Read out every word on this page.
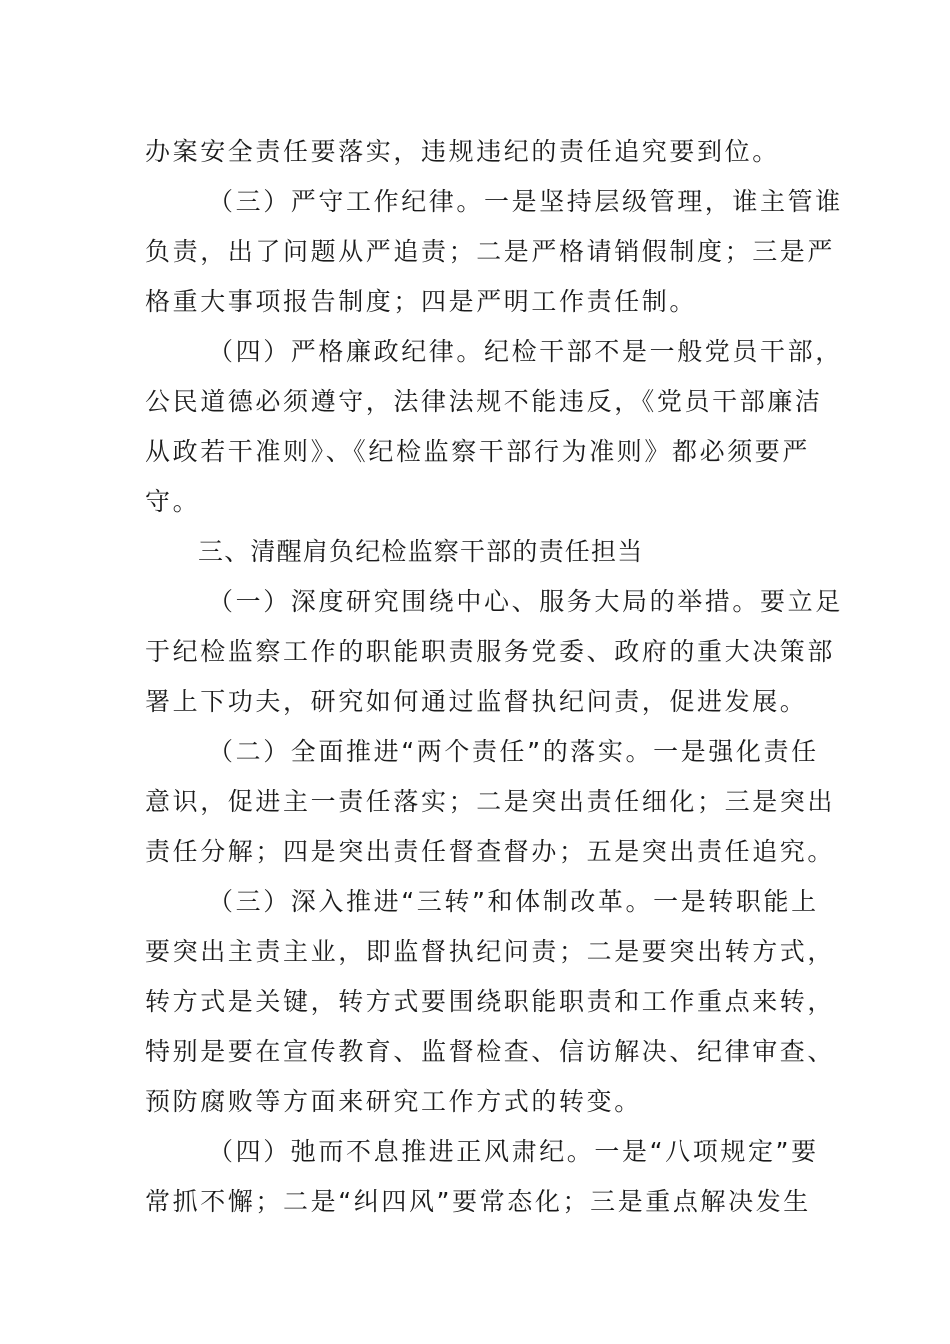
办案安全责任要落实，违规违纪的责任追究要到位。
（三）严守工作纪律。一是坚持层级管理，谁主管谁
负责，出了问题从严追责；二是严格请销假制度；三是严
格重大事项报告制度；四是严明工作责任制。
（四）严格廉政纪律。纪检干部不是一般党员干部，
公民道德必须遵守，法律法规不能违反，《党员干部廉洁
从政若干准则》、《纪检监察干部行为准则》都必须要严
守。
三、清醒肩负纪检监察干部的责任担当
（一）深度研究围绕中心、服务大局的举措。要立足
于纪检监察工作的职能职责服务党委、政府的重大决策部
署上下功夫，研究如何通过监督执纪问责，促进发展。
（二）全面推进“两个责任”的落实。一是强化责任
意识，促进主一责任落实；二是突出责任细化；三是突出
责任分解；四是突出责任督查督办；五是突出责任追究。
（三）深入推进“三转”和体制改革。一是转职能上
要突出主责主业，即监督执纪问责；二是要突出转方式，
转方式是关键，转方式要围绕职能职责和工作重点来转，
特别是要在宣传教育、监督检查、信访解决、纪律审查、
预防腐败等方面来研究工作方式的转变。
（四）弛而不息推进正风肃纪。一是“八项规定”要
常抓不懈；二是“纠四风”要常态化；三是重点解决发生
